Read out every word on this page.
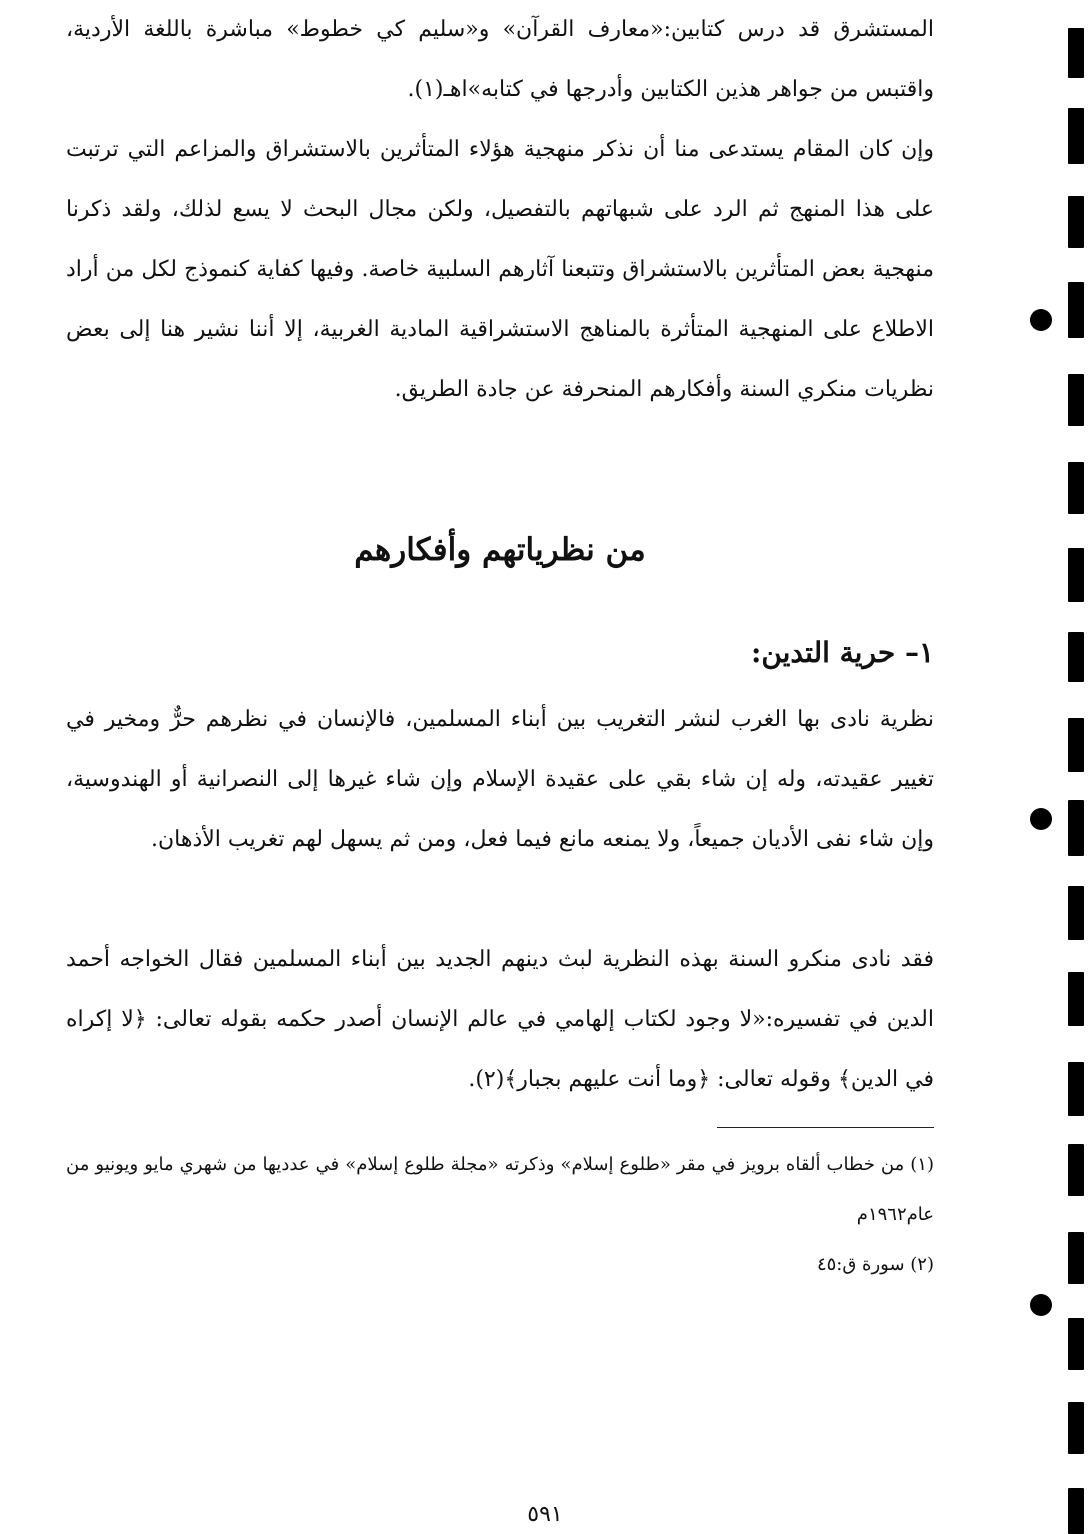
المستشرق قد درس كتابين:«معارف القرآن» و«سليم كي خطوط» مباشرة باللغة الأردية، واقتبس من جواهر هذين الكتابين وأدرجها في كتابه»اهـ(١).

وإن كان المقام يستدعى منا أن نذكر منهجية هؤلاء المتأثرين بالاستشراق والمزاعم التي ترتبت على هذا المنهج ثم الرد على شبهاتهم بالتفصيل، ولكن مجال البحث لا يسع لذلك، ولقد ذكرنا منهجية بعض المتأثرين بالاستشراق وتتبعنا آثارهم السلبية خاصة. وفيها كفاية كنموذج لكل من أراد الاطلاع على المنهجية المتأثرة بالمناهج الاستشراقية المادية الغربية، إلا أننا نشير هنا إلى بعض نظريات منكري السنة وأفكارهم المنحرفة عن جادة الطريق.

نظرية نادى بها الغرب لنشر التغريب بين أبناء المسلمين، فالإنسان في نظرهم حرٌّ ومخير في تغيير عقيدته، وله إن شاء بقي على عقيدة الإسلام وإن شاء غيرها إلى النصرانية أو الهندوسية، وإن شاء نفى الأديان جميعاً، ولا يمنعه مانع فيما فعل، ومن ثم يسهل لهم تغريب الأذهان.

فقد نادى منكرو السنة بهذه النظرية لبث دينهم الجديد بين أبناء المسلمين فقال الخواجه أحمد الدين في تفسيره:«لا وجود لكتاب إلهامي في عالم الإنسان أصدر حكمه بقوله تعالى: ﴿لا إكراه في الدين﴾ وقوله تعالى: ﴿وما أنت عليهم بجبار﴾(٢).

من نظرياتهم وأفكارهم
١– حرية التدين:

(١) من خطاب ألقاه برويز في مقر «طلوع إسلام» وذكرته «مجلة طلوع إسلام» في عدديها من شهري مايو ويونيو من عام١٩٦٢م

(٢) سورة ق:٤٥

٥٩١
